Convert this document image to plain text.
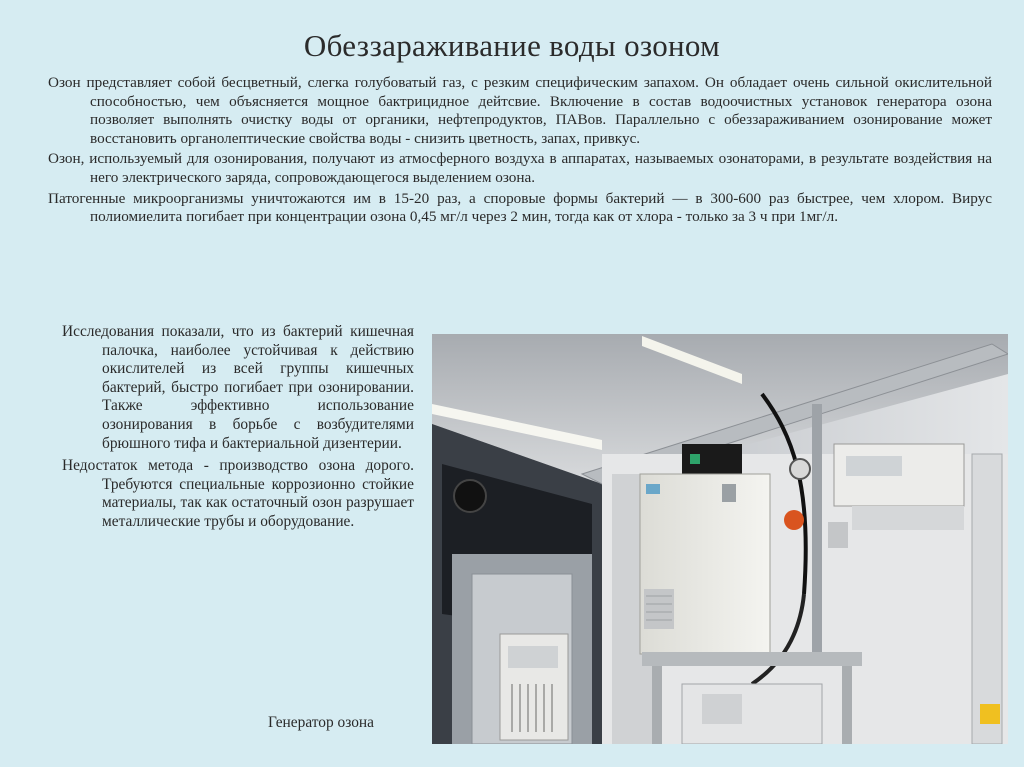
Обеззараживание воды озоном

Озон представляет собой бесцветный, слегка голубоватый газ, с резким специфическим запахом. Он обладает очень сильной окислительной способностью, чем объясняется мощное бактрицидное дейтсвие. Включение в состав водоочистных установок генератора озона позволяет выполнять очистку воды от органики, нефтепродуктов, ПАВов. Параллельно с обеззараживанием озонирование может восстановить органолептические свойства воды - снизить цветность, запах, привкус.

Озон, используемый для озонирования, получают из атмосферного воздуха в аппаратах, называемых озонаторами, в результате воздействия на него электрического заряда, сопровождающегося выделением озона.

Патогенные микроорганизмы уничтожаются им в 15-20 раз, а споровые формы бактерий — в 300-600 раз быстрее, чем хлором. Вирус полиомиелита погибает при концентрации озона 0,45 мг/л через 2 мин, тогда как от хлора - только за 3 ч при 1мг/л.

Исследования показали, что из бактерий кишечная палочка, наиболее устойчивая к действию окислителей из всей группы кишечных бактерий, быстро погибает при озонировании. Также эффективно использование озонирования в борьбе с возбудителями брюшного тифа и бактериальной дизентерии.

Недостаток метода - производство озона дорого. Требуются специальные коррозионно стойкие материалы, так как остаточный озон разрушает металлические трубы и оборудование.

Генератор озона
